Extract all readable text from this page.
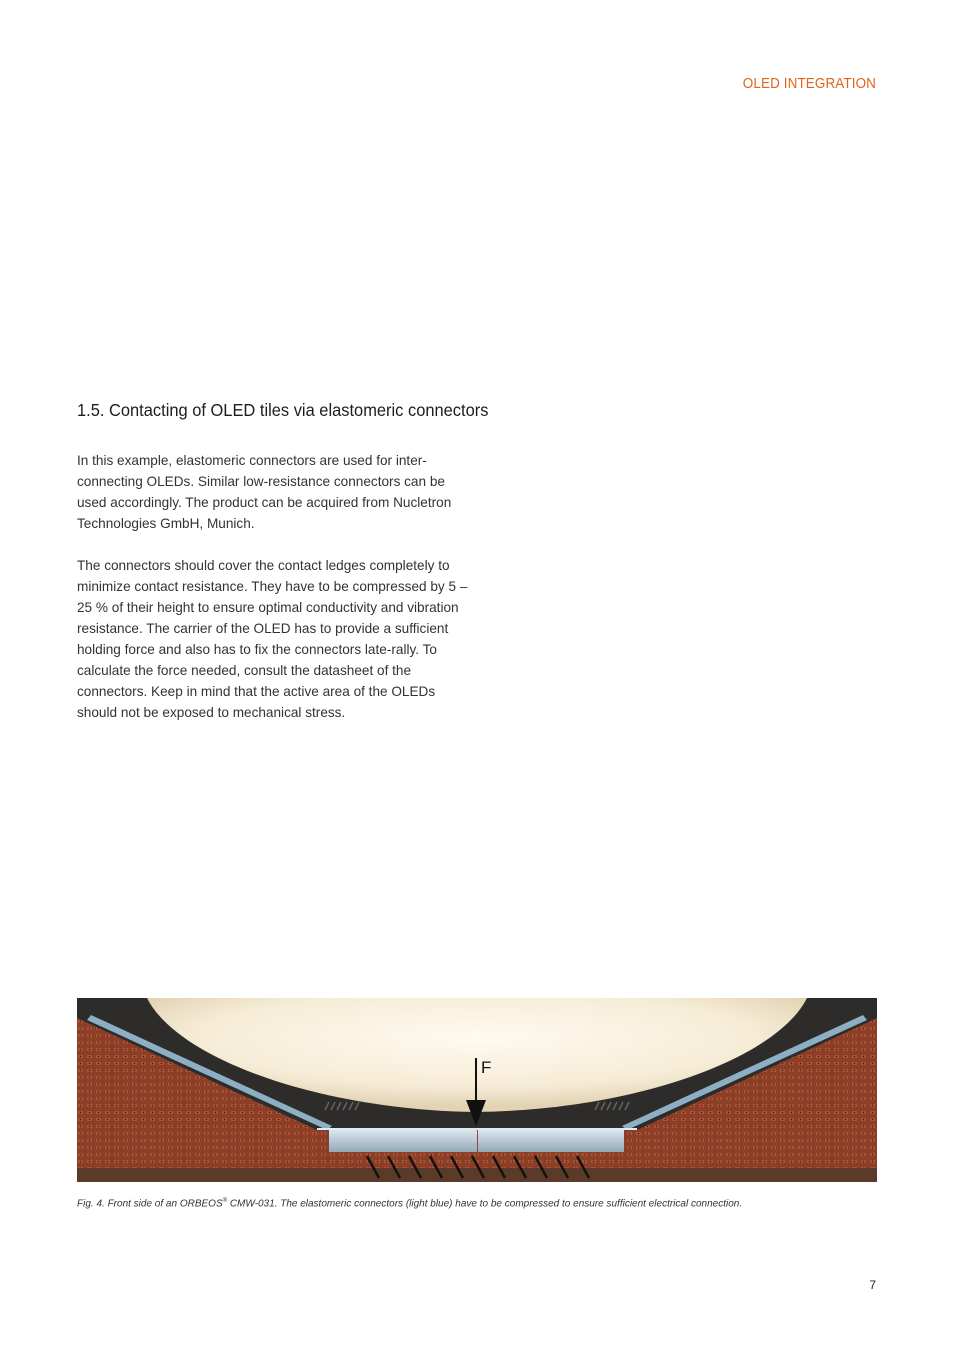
OLED INTEGRATION
1.5. Contacting of OLED tiles via elastomeric connectors

In this example, elastomeric connectors are used for inter-connecting OLEDs. Similar low-resistance connectors can be used accordingly. The product can be acquired from Nucletron Technologies GmbH, Munich.

The connectors should cover the contact ledges completely to minimize contact resistance. They have to be compressed by 5 – 25 % of their height to ensure optimal conductivity and vibration resistance. The carrier of the OLED has to provide a sufficient holding force and also has to fix the connectors late-rally. To calculate the force needed, consult the datasheet of the connectors. Keep in mind that the active area of the OLEDs should not be exposed to mechanical stress.

F
Fig. 4. Front side of an ORBEOS® CMW-031. The elastomeric connectors (light blue) have to be compressed to ensure sufficient electrical connection.
7
